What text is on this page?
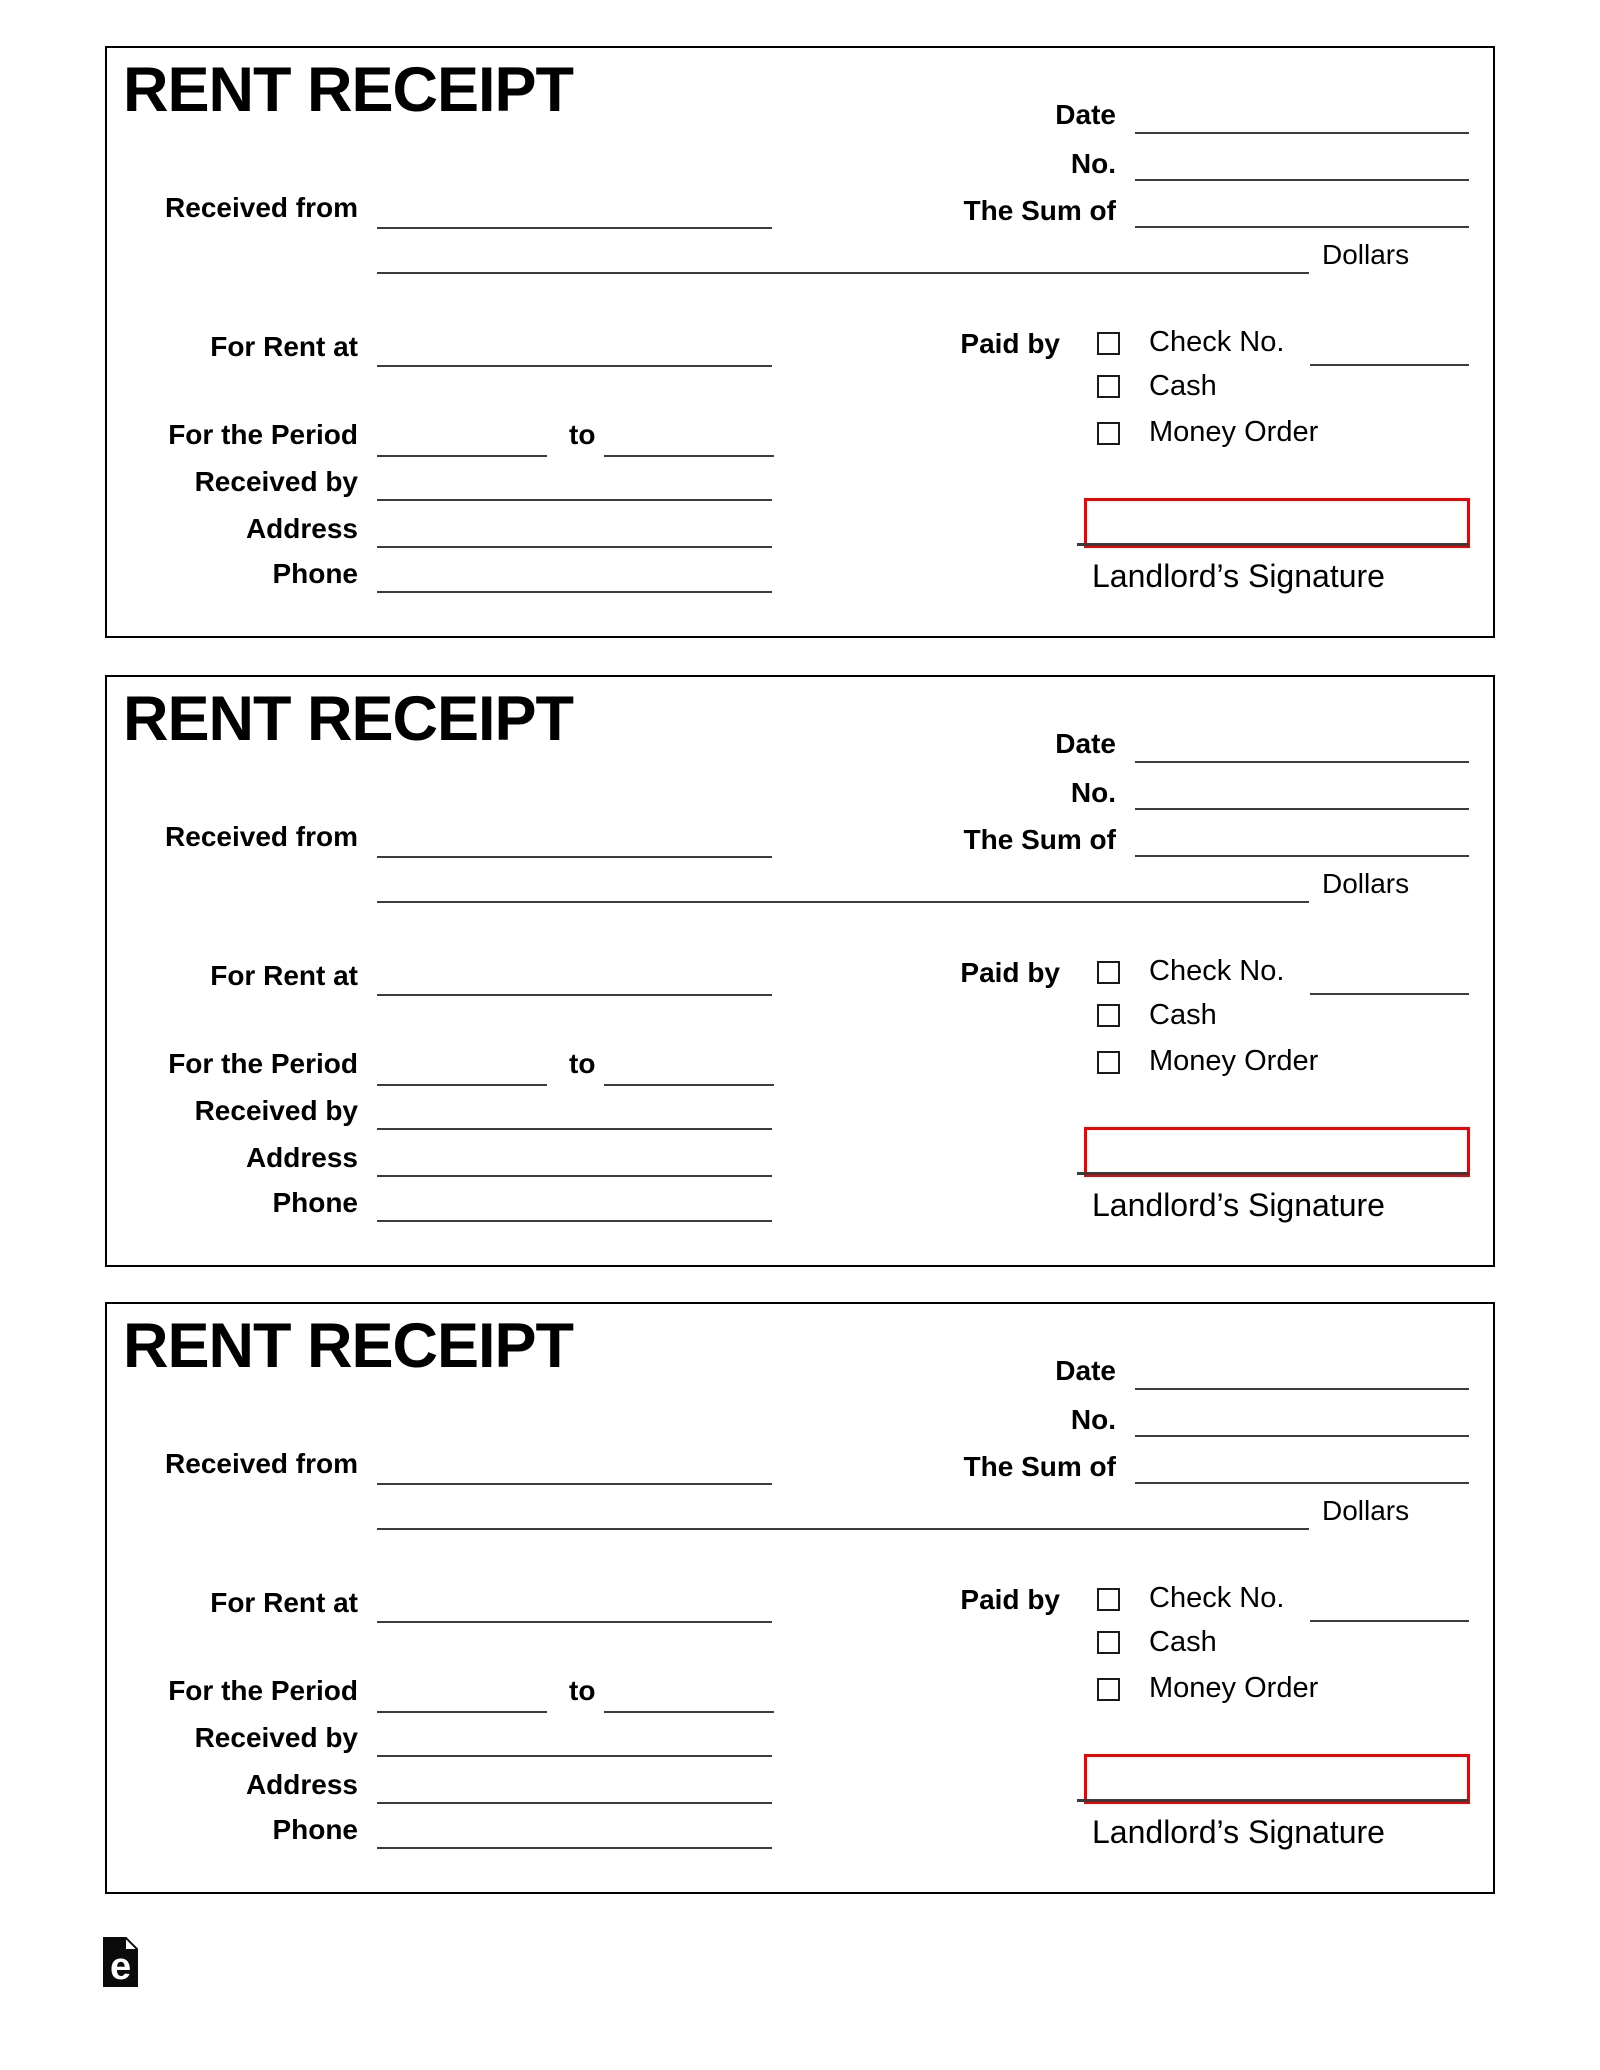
RENT RECEIPT	Date
No.
The Sum of
Dollars
Received from
For Rent at
For the Period	to
Received by
Address
Phone
Paid by	Check No.
Cash
Money Order
Landlord’s Signature
RENT RECEIPT	Date
No.
The Sum of
Dollars
Received from
For Rent at
For the Period	to
Received by
Address
Phone
Paid by	Check No.
Cash
Money Order
Landlord’s Signature
RENT RECEIPT	Date
No.
The Sum of
Dollars
Received from
For Rent at
For the Period	to
Received by
Address
Phone
Paid by	Check No.
Cash
Money Order
Landlord’s Signature
e
